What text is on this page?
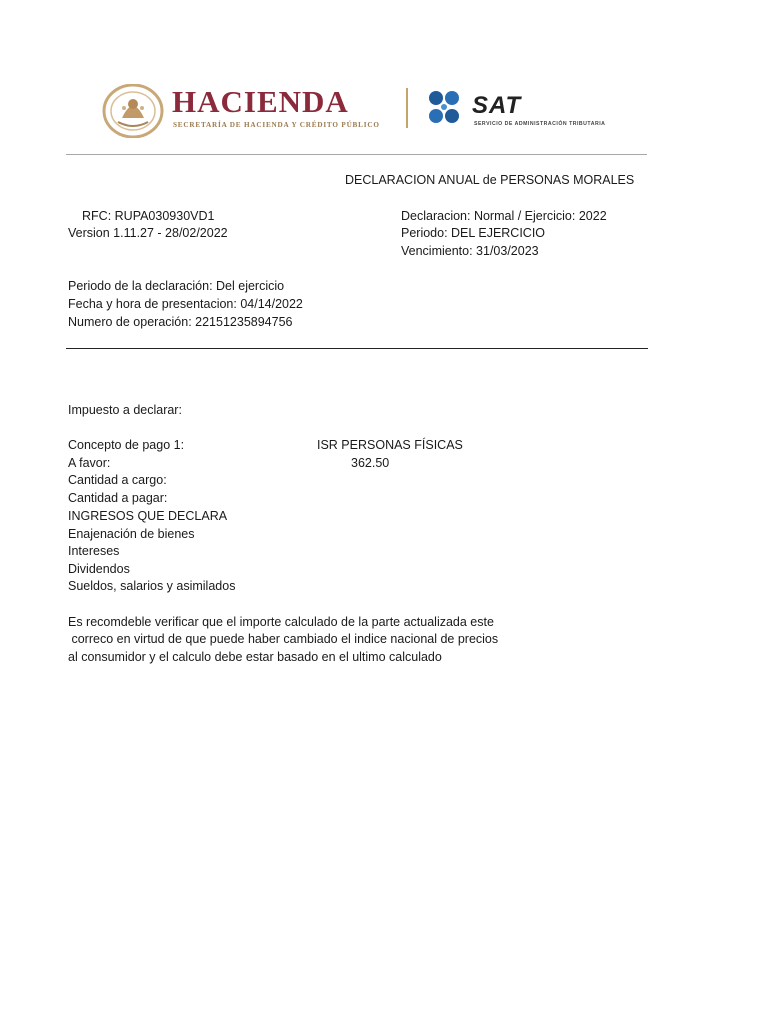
HACIENDA
SECRETARÍA DE HACIENDA Y CRÉDITO PÚBLICO
SAT
SERVICIO DE ADMINISTRACIÓN TRIBUTARIA
DECLARACION ANUAL de PERSONAS MORALES
RFC: RUPA030930VD1
Version 1.11.27 - 28/02/2022
Declaracion: Normal / Ejercicio: 2022
Periodo: DEL EJERCICIO
Vencimiento: 31/03/2023
Periodo de la declaración: Del ejercicio
Fecha y hora de presentacion: 04/14/2022
Numero de operación: 22151235894756
Impuesto a declarar:
Concepto de pago 1:	ISR PERSONAS FÍSICAS
A favor:	362.50
Cantidad a cargo:
Cantidad a pagar:
INGRESOS QUE DECLARA
Enajenación de bienes
Intereses
Dividendos
Sueldos, salarios y asimilados
Es recomdeble verificar que el importe calculado de la parte actualizada este
correco en virtud de que puede haber cambiado el indice nacional de precios
al consumidor y el calculo debe estar basado en el ultimo calculado
